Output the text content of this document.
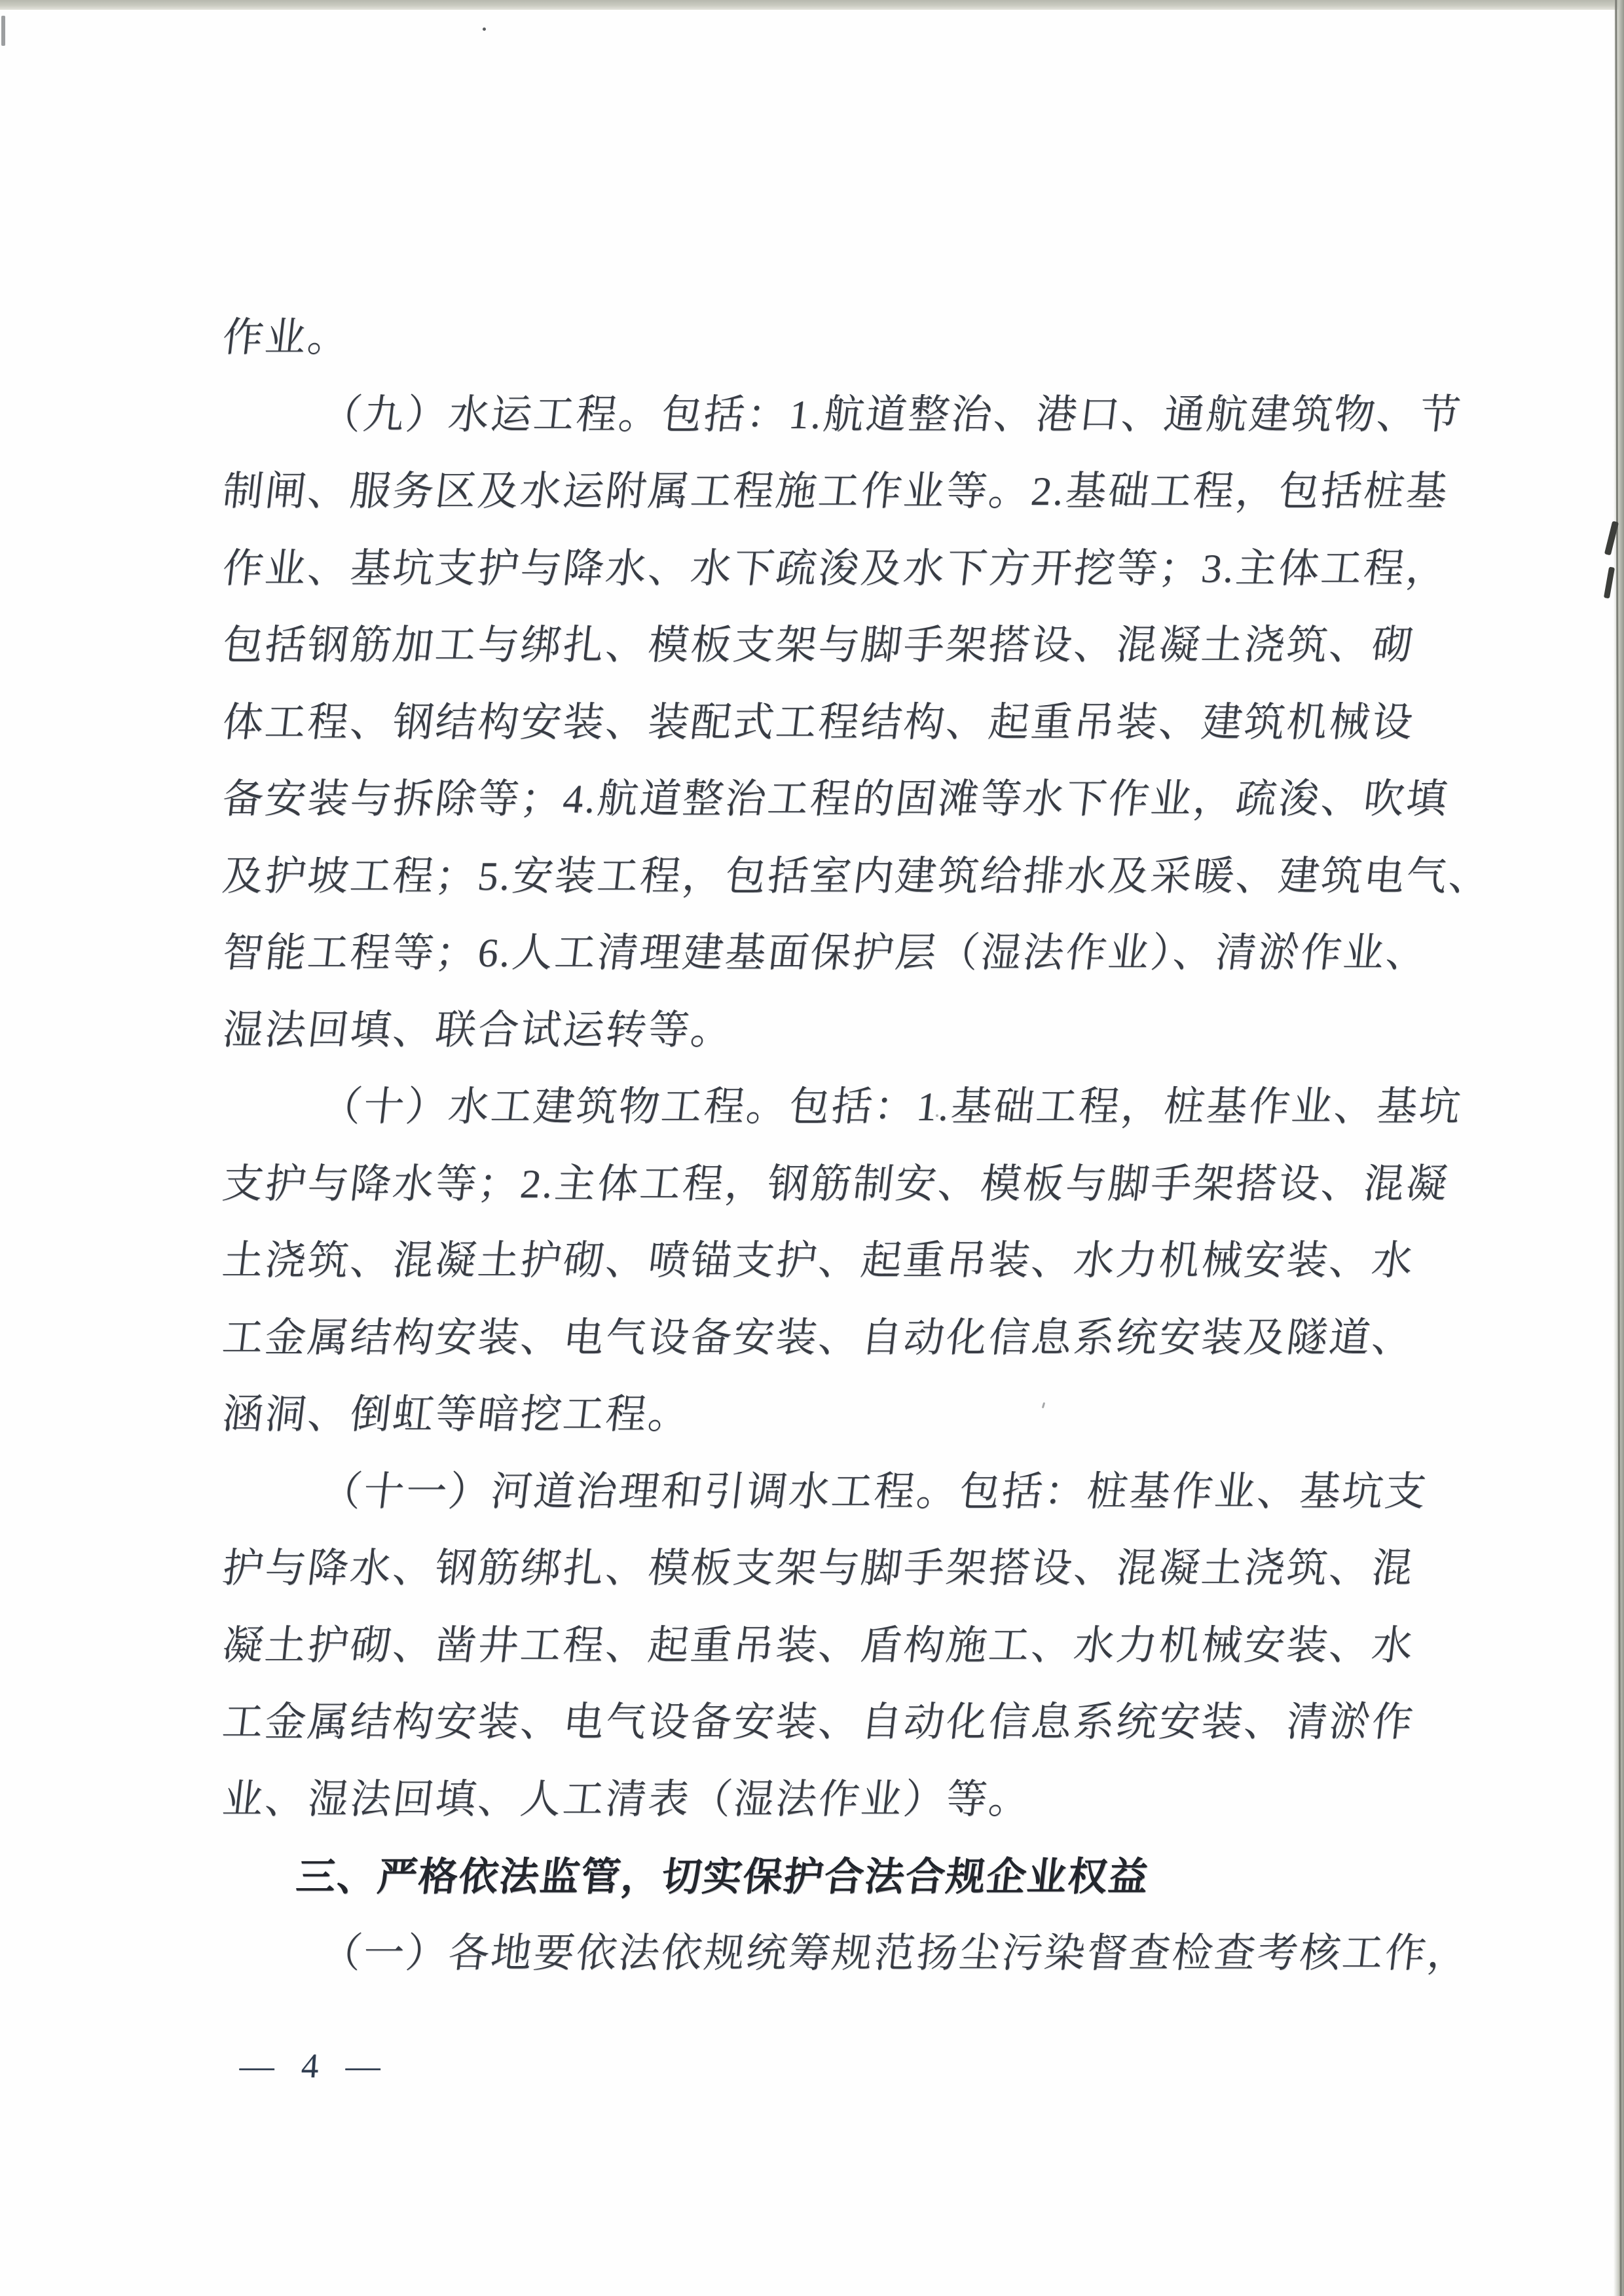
作业。
（九）水运工程。包括：1.航道整治、港口、通航建筑物、节
制闸、服务区及水运附属工程施工作业等。2.基础工程，包括桩基
作业、基坑支护与降水、水下疏浚及水下方开挖等；3.主体工程，
包括钢筋加工与绑扎、模板支架与脚手架搭设、混凝土浇筑、砌
体工程、钢结构安装、装配式工程结构、起重吊装、建筑机械设
备安装与拆除等；4.航道整治工程的固滩等水下作业，疏浚、吹填
及护坡工程；5.安装工程，包括室内建筑给排水及采暖、建筑电气、
智能工程等；6.人工清理建基面保护层（湿法作业）、清淤作业、
湿法回填、联合试运转等。
（十）水工建筑物工程。包括：1.基础工程，桩基作业、基坑
支护与降水等；2.主体工程，钢筋制安、模板与脚手架搭设、混凝
土浇筑、混凝土护砌、喷锚支护、起重吊装、水力机械安装、水
工金属结构安装、电气设备安装、自动化信息系统安装及隧道、
涵洞、倒虹等暗挖工程。
（十一）河道治理和引调水工程。包括：桩基作业、基坑支
护与降水、钢筋绑扎、模板支架与脚手架搭设、混凝土浇筑、混
凝土护砌、凿井工程、起重吊装、盾构施工、水力机械安装、水
工金属结构安装、电气设备安装、自动化信息系统安装、清淤作
业、湿法回填、人工清表（湿法作业）等。
三、严格依法监管，切实保护合法合规企业权益
（一）各地要依法依规统筹规范扬尘污染督查检查考核工作，
— 4 —
